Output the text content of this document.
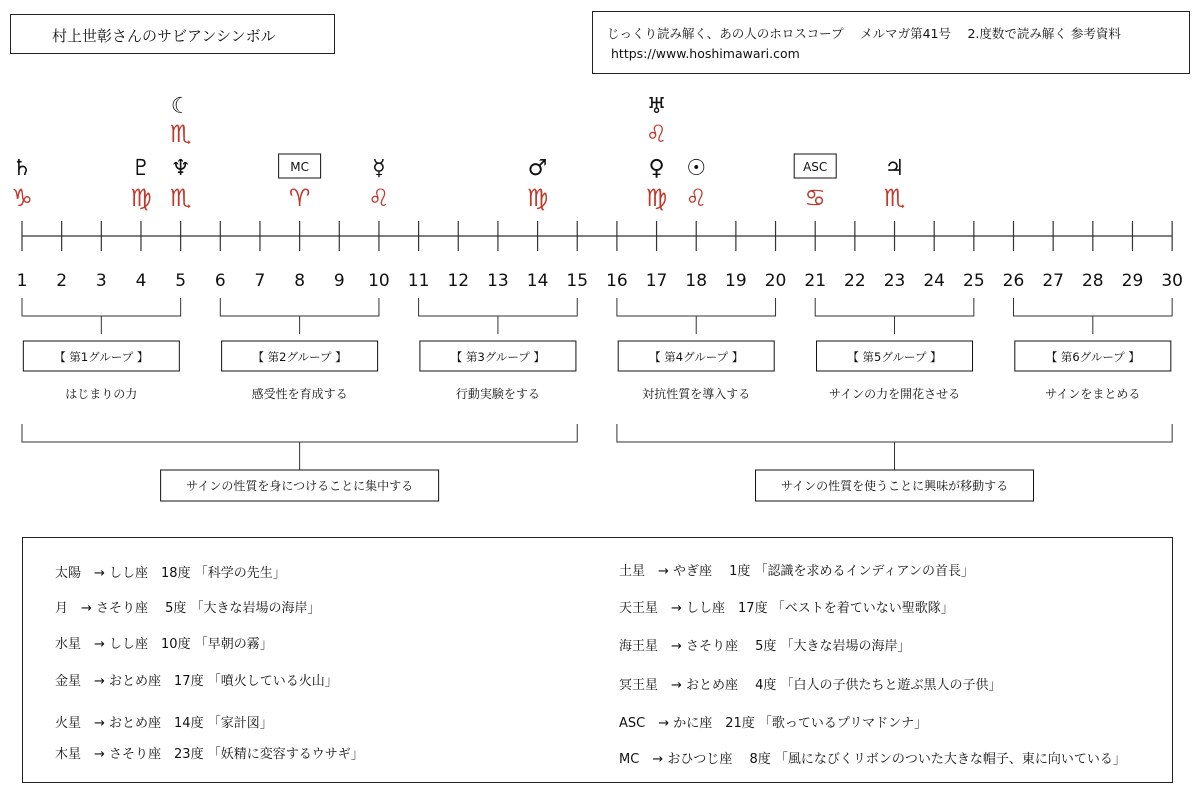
村上世彰さんのサビアンシンボル	じっくり読み解く、あの人のホロスコープ　 メルマガ第41号　 2.度数で読み解く 参考資料
https://www.hoshimawari.com
1 2 3 4 5 6 7 8 9 10 11 12 13 14 15 16 17 18 19 20 21 22 23 24 25 26 27 28 29 30
♑
♄
♍
♇
♏
♆
♏
☾
♈
MC
♌
☿
♍
♂
♍
♀
♌
♅
♌
☉
♋
ASC
♏
♃
【 第1グループ 】
はじまりの力
【 第2グループ 】
感受性を育成する
【 第3グループ 】
行動実験をする
【 第4グループ 】
対抗性質を導入する
【 第5グループ 】
サインの力を開花させる
【 第6グループ 】
サインをまとめる
サインの性質を身につけることに集中する	サインの性質を使うことに興味が移動する
太陽　→ しし座　18度 「科学の先生」
月　→ さそり座　 5度 「大きな岩場の海岸」
水星　→ しし座　10度 「早朝の霧」
金星　→ おとめ座　17度 「噴火している火山」
火星　→ おとめ座　14度 「家計図」
木星　→ さそり座　23度 「妖精に変容するウサギ」
土星　→ やぎ座　 1度 「認識を求めるインディアンの首長」
天王星　→ しし座　17度 「ベストを着ていない聖歌隊」
海王星　→ さそり座　 5度 「大きな岩場の海岸」
冥王星　→ おとめ座　 4度 「白人の子供たちと遊ぶ黒人の子供」
ASC　→ かに座　21度 「歌っているプリマドンナ」
MC　→ おひつじ座　 8度 「風になびくリボンのついた大きな帽子、東に向いている」
